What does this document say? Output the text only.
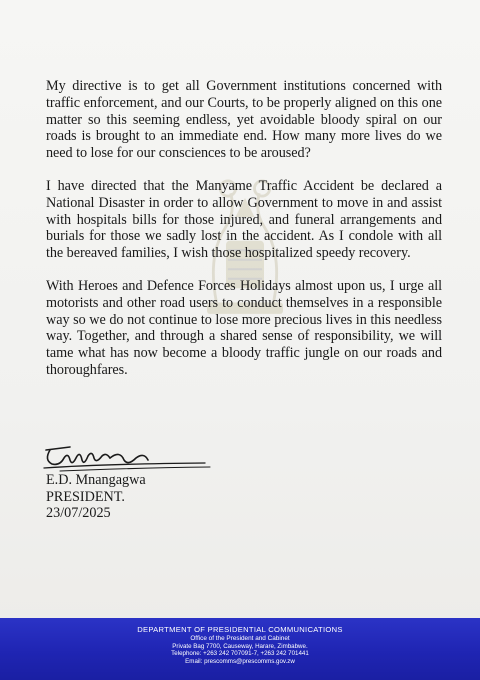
My directive is to get all Government institutions concerned with traffic enforcement, and our Courts, to be properly aligned on this one matter so this seeming endless, yet avoidable bloody spiral on our roads is brought to an immediate end. How many more lives do we need to lose for our consciences to be aroused?

I have directed that the Manyame Traffic Accident be declared a National Disaster in order to allow Government to move in and assist with hospitals bills for those injured, and funeral arrangements and burials for those we sadly lost in the accident. As I condole with all the bereaved families, I wish those hospitalized speedy recovery.

With Heroes and Defence Forces Holidays almost upon us, I urge all motorists and other road users to conduct themselves in a responsible way so we do not continue to lose more precious lives in this needless way. Together, and through a shared sense of responsibility, we will tame what has now become a bloody traffic jungle on our roads and thoroughfares.

E.D. Mnangagwa
PRESIDENT.
23/07/2025
DEPARTMENT OF PRESIDENTIAL COMMUNICATIONS
Office of the President and Cabinet
Private Bag 7700, Causeway, Harare, Zimbabwe.
Telephone: +263 242 707091-7, +263 242 701441
Email: prescomms@prescomms.gov.zw
